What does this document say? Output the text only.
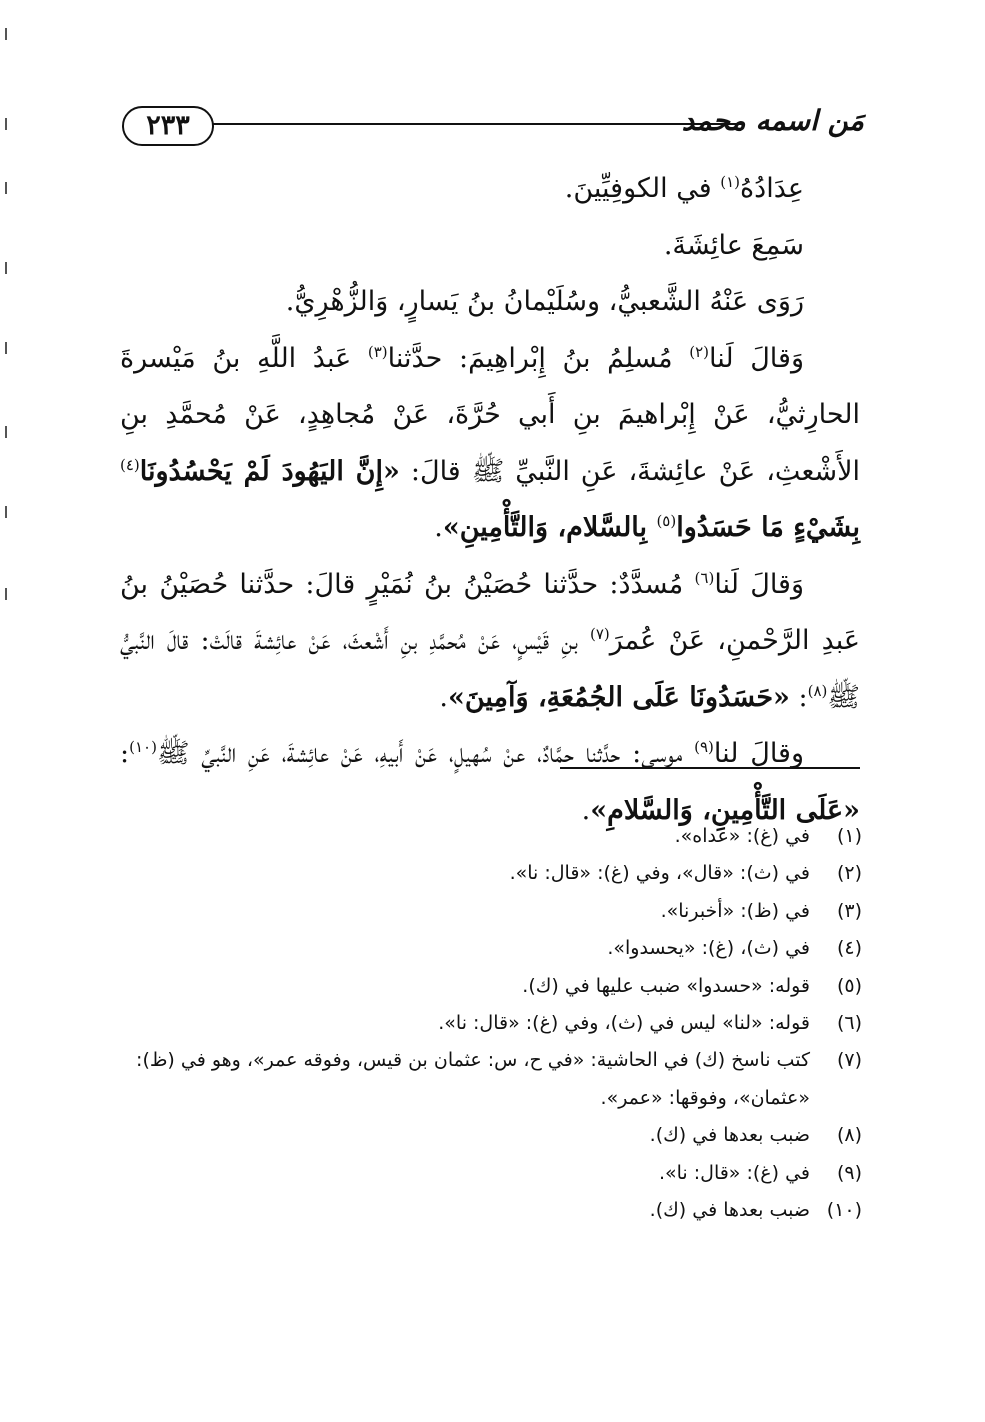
٢٣٣	مَن اسمه محمد

عِدَادُهُ$^{(١)}$ في الكوفِيِّينَ.

سَمِعَ عائِشَةَ.

رَوَى عَنْهُ الشَّعبيُّ، وسُلَيْمانُ بنُ يَسارٍ، وَالزُّهْرِيُّ.

وَقالَ لَنا$^{(٢)}$ مُسلِمُ بنُ إِبْراهِيمَ: حدَّثنا$^{(٣)}$ عَبدُ اللَّهِ بنُ مَيْسرةَ الحارِثيُّ، عَنْ إِبْراهيمَ بنِ أَبي حُرَّةَ، عَنْ مُجاهِدٍ، عَنْ مُحمَّدِ بنِ الأَشْعثِ، عَنْ عائِشةَ، عَنِ النَّبيِّ ﷺ قالَ: «إِنَّ اليَهُودَ لَمْ يَحْسُدُونَا$^{(٤)}$ بِشَيْءٍ مَا حَسَدُوا$^{(٥)}$ بِالسَّلام، وَالتَّأْمِينِ».

وَقالَ لَنا$^{(٦)}$ مُسدَّدٌ: حدَّثنا حُصَيْنُ بنُ نُمَيْرٍ قالَ: حدَّثنا حُصَيْنُ بنُ عَبدِ الرَّحْمنِ، عَنْ عُمرَ$^{(٧)}$ بنِ قَيْسٍ، عَنْ مُحمَّدِ بنِ أَشْعثَ، عَنْ عائِشةَ قالَتْ: قالَ النَّبيُّ ﷺ$^{(٨)}$: «حَسَدُونَا عَلَى الجُمُعَةِ، وَآمِينَ».

وقالَ لنا$^{(٩)}$ موسى: حدَّثنا حمَّادٌ، عنْ سُهيلٍ، عَنْ أَبيهِ، عَنْ عائِشةَ، عَنِ النَّبيِّ ﷺ$^{(١٠)}$: «عَلَى التَّأْمِينِ، وَالسَّلامِ».

(١)
في (غ): «عداه».
(٢)
في (ث): «قال»، وفي (غ): «قال: نا».
(٣)
في (ظ): «أخبرنا».
(٤)
في (ث)، (غ): «يحسدوا».
(٥)
قوله: «حسدوا» ضبب عليها في (ك).
(٦)
قوله: «لنا» ليس في (ث)، وفي (غ): «قال: نا».
(٧)
كتب ناسخ (ك) في الحاشية: «في ح، س: عثمان بن قيس، وفوقه عمر»، وهو في (ظ): «عثمان»، وفوقها: «عمر».
(٨)
ضبب بعدها في (ك).
(٩)
في (غ): «قال: نا».
(١٠)
ضبب بعدها في (ك).
